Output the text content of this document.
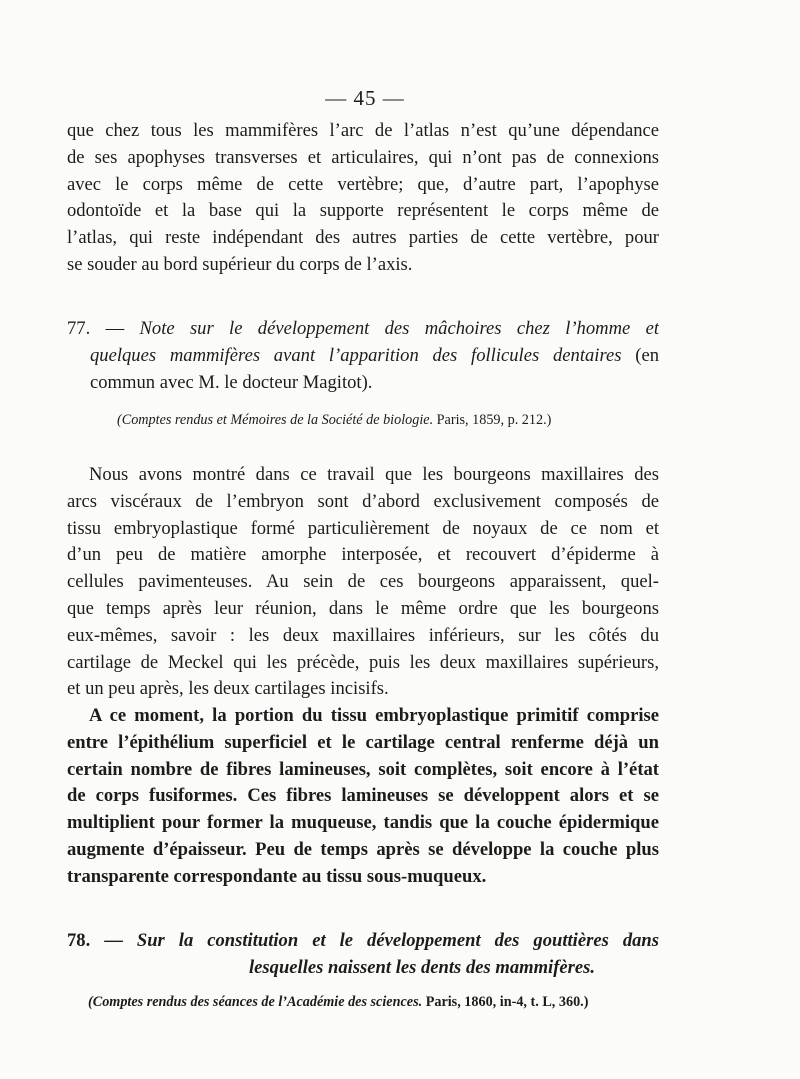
— 45 —
que chez tous les mammifères l’arc de l’atlas n’est qu’une dépendance
de ses apophyses transverses et articulaires, qui n’ont pas de connexions
avec le corps même de cette vertèbre; que, d’autre part, l’apophyse
odontoïde et la base qui la supporte représentent le corps même de
l’atlas, qui reste indépendant des autres parties de cette vertèbre, pour
se souder au bord supérieur du corps de l’axis.
77. — Note sur le développement des mâchoires chez l’homme et
quelques mammifères avant l’apparition des follicules dentaires (en
commun avec M. le docteur Magitot).
(Comptes rendus et Mémoires de la Société de biologie. Paris, 1859, p. 212.)
Nous avons montré dans ce travail que les bourgeons maxillaires des
arcs viscéraux de l’embryon sont d’abord exclusivement composés de
tissu embryoplastique formé particulièrement de noyaux de ce nom et
d’un peu de matière amorphe interposée, et recouvert d’épiderme à
cellules pavimenteuses. Au sein de ces bourgeons apparaissent, quel-
que temps après leur réunion, dans le même ordre que les bourgeons
eux-mêmes, savoir : les deux maxillaires inférieurs, sur les côtés du
cartilage de Meckel qui les précède, puis les deux maxillaires supérieurs,
et un peu après, les deux cartilages incisifs.
A ce moment, la portion du tissu embryoplastique primitif comprise
entre l’épithélium superficiel et le cartilage central renferme déjà un
certain nombre de fibres lamineuses, soit complètes, soit encore à l’état
de corps fusiformes. Ces fibres lamineuses se développent alors et se
multiplient pour former la muqueuse, tandis que la couche épidermique
augmente d’épaisseur. Peu de temps après se développe la couche plus
transparente correspondante au tissu sous-muqueux.
78. — Sur la constitution et le développement des gouttières dans
lesquelles naissent les dents des mammifères.
(Comptes rendus des séances de l’Académie des sciences. Paris, 1860, in-4, t. L, 360.)
